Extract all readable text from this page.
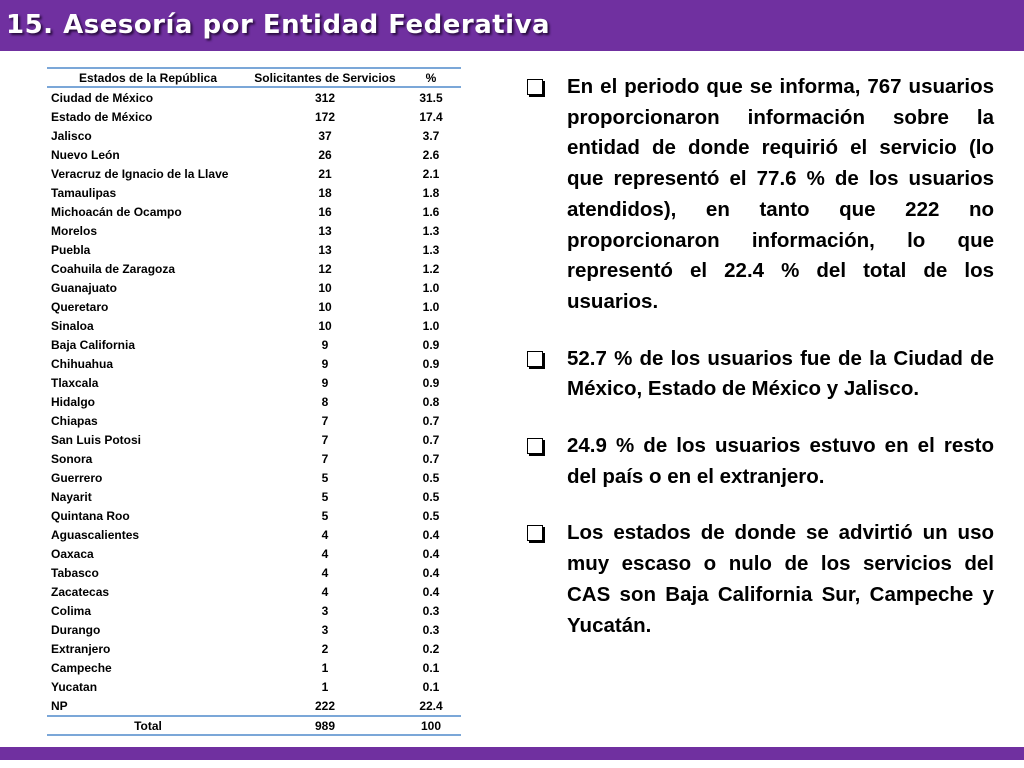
15. Asesoría por Entidad Federativa
Estados de la República	Solicitantes de Servicios	%
Ciudad de México	312	31.5
Estado de México	172	17.4
Jalisco	37	3.7
Nuevo León	26	2.6
Veracruz de Ignacio de la Llave	21	2.1
Tamaulipas	18	1.8
Michoacán de Ocampo	16	1.6
Morelos	13	1.3
Puebla	13	1.3
Coahuila de Zaragoza	12	1.2
Guanajuato	10	1.0
Queretaro	10	1.0
Sinaloa	10	1.0
Baja California	9	0.9
Chihuahua	9	0.9
Tlaxcala	9	0.9
Hidalgo	8	0.8
Chiapas	7	0.7
San Luis Potosi	7	0.7
Sonora	7	0.7
Guerrero	5	0.5
Nayarit	5	0.5
Quintana Roo	5	0.5
Aguascalientes	4	0.4
Oaxaca	4	0.4
Tabasco	4	0.4
Zacatecas	4	0.4
Colima	3	0.3
Durango	3	0.3
Extranjero	2	0.2
Campeche	1	0.1
Yucatan	1	0.1
NP	222	22.4
Total	989	100
En el periodo que se informa, 767 usuarios proporcionaron información sobre la entidad de donde requirió el servicio (lo que representó el 77.6 % de los usuarios atendidos), en tanto que 222 no proporcionaron información, lo que representó el 22.4 % del total de los usuarios.
52.7 % de los usuarios fue de la Ciudad de México, Estado de México y Jalisco.
24.9 % de los usuarios estuvo en el resto del país o en el extranjero.
Los estados de donde se advirtió un uso muy escaso o nulo de los servicios del CAS son Baja California Sur, Campeche y Yucatán.
